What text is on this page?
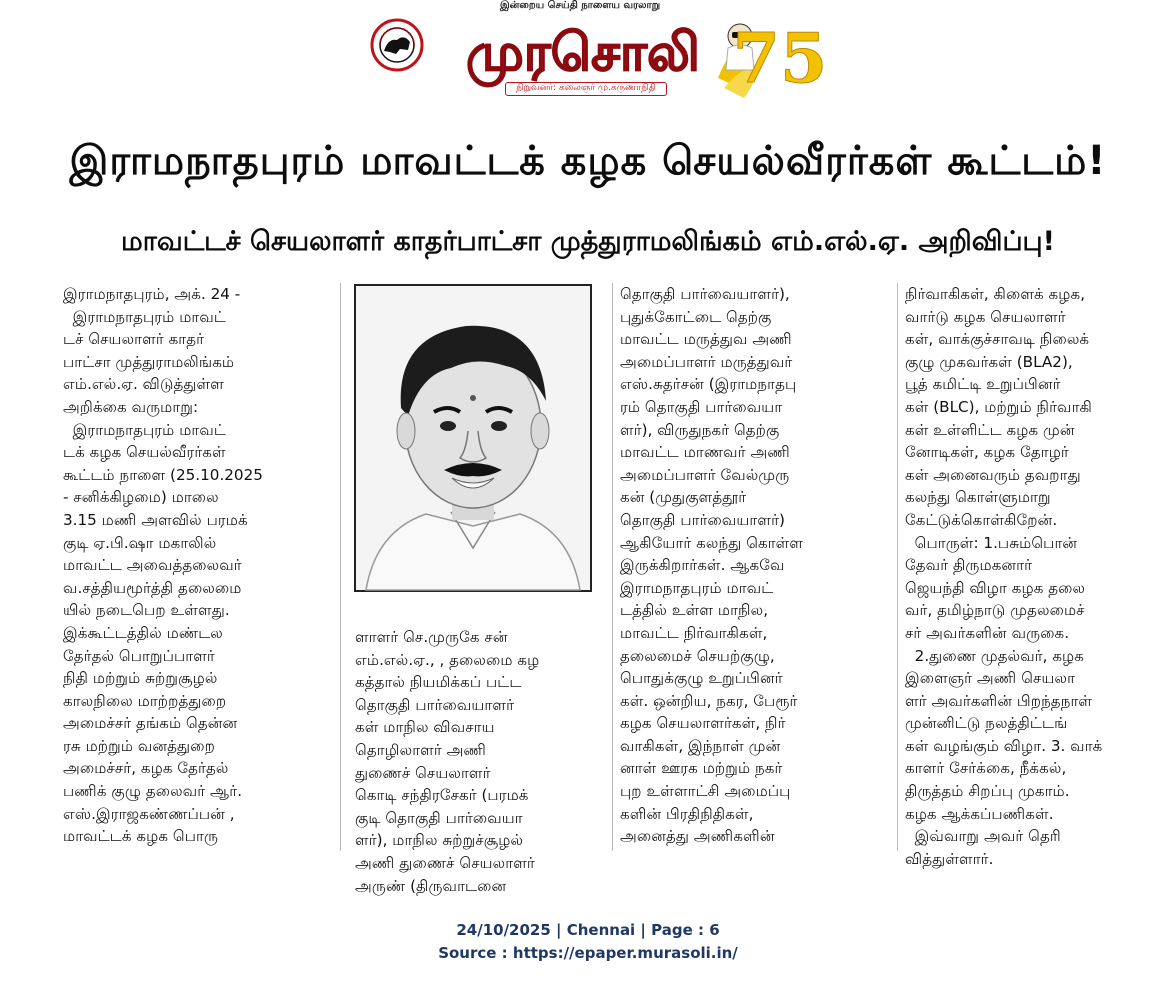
இன்றைய செய்தி நாளைய வரலாறு
முரசொலி
நிறுவனர்: கலைஞர் மு.கருணாநிதி 75
இராமநாதபுரம் மாவட்டக் கழக செயல்வீரர்கள் கூட்டம்!
மாவட்டச் செயலாளர் காதர்பாட்சா முத்துராமலிங்கம் எம்.எல்.ஏ. அறிவிப்பு!

இராமநாதபுரம், அக். 24 -

இராமநாதபுரம் மாவட்

டச் செயலாளர் காதர்

பாட்சா முத்துராமலிங்கம்

எம்.எல்.ஏ. விடுத்துள்ள

அறிக்கை வருமாறு:

இராமநாதபுரம் மாவட்

டக் கழக செயல்வீரர்கள்

கூட்டம் நாளை (25.10.2025

- சனிக்கிழமை) மாலை

3.15 மணி அளவில் பரமக்

குடி ஏ.பி.ஷா மகாலில்

மாவட்ட அவைத்தலைவர்

வ.சத்தியமூர்த்தி தலைமை

யில் நடைபெற உள்ளது.

இக்கூட்டத்தில் மண்டல

தேர்தல் பொறுப்பாளர்

நிதி மற்றும் சுற்றுசூழல்

காலநிலை மாற்றத்துறை

அமைச்சர் தங்கம் தென்ன

ரசு மற்றும் வனத்துறை

அமைச்சர், கழக தேர்தல்

பணிக் குழு தலைவர் ஆர்.

எஸ்.இராஜகண்ணப்பன் ,

மாவட்டக் கழக பொரு

ளாளர் செ.முருகே சன்

எம்.எல்.ஏ., , தலைமை கழ

கத்தால் நியமிக்கப் பட்ட

தொகுதி பார்வையாளர்

கள் மாநில விவசாய

தொழிலாளர் அணி

துணைச் செயலாளர்

கொடி சந்திரசேகர் (பரமக்

குடி தொகுதி பார்வையா

ளர்), மாநில சுற்றுச்சூழல்

அணி துணைச் செயலாளர்

அருண் (திருவாடனை

தொகுதி பார்வையாளர்),

புதுக்கோட்டை தெற்கு

மாவட்ட மருத்துவ அணி

அமைப்பாளர் மருத்துவர்

எஸ்.சுதர்சன் (இராமநாதபு

ரம் தொகுதி பார்வையா

ளர்), விருதுநகர் தெற்கு

மாவட்ட மாணவர் அணி

அமைப்பாளர் வேல்முரு

கன் (முதுகுளத்தூர்

தொகுதி பார்வையாளர்)

ஆகியோர் கலந்து கொள்ள

இருக்கிறார்கள். ஆகவே

இராமநாதபுரம் மாவட்

டத்தில் உள்ள மாநில,

மாவட்ட நிர்வாகிகள்,

தலைமைச் செயற்குழு,

பொதுக்குழு உறுப்பினர்

கள். ஒன்றிய, நகர, பேரூர்

கழக செயலாளர்கள், நிர்

வாகிகள், இந்நாள் முன்

னாள் ஊரக மற்றும் நகர்

புற உள்ளாட்சி அமைப்பு

களின் பிரதிநிதிகள்,

அனைத்து அணிகளின்

நிர்வாகிகள், கிளைக் கழக,

வார்டு கழக செயலாளர்

கள், வாக்குச்சாவடி நிலைக்

குழு முகவர்கள் (BLA2),

பூத் கமிட்டி உறுப்பினர்

கள் (BLC), மற்றும் நிர்வாகி

கள் உள்ளிட்ட கழக முன்

னோடிகள், கழக தோழர்

கள் அனைவரும் தவறாது

கலந்து கொள்ளுமாறு

கேட்டுக்கொள்கிறேன்.

பொருள்: 1.பசும்பொன்

தேவர் திருமகனார்

ஜெயந்தி விழா கழக தலை

வர், தமிழ்நாடு முதலமைச்

சர் அவர்களின் வருகை.

2.துணை முதல்வர், கழக

இளைஞர் அணி செயலா

ளர் அவர்களின் பிறந்தநாள்

முன்னிட்டு நலத்திட்டங்

கள் வழங்கும் விழா. 3. வாக்

காளர் சேர்க்கை, நீக்கல்,

திருத்தம் சிறப்பு முகாம்.

கழக ஆக்கப்பணிகள்.

இவ்வாறு அவர் தெரி

வித்துள்ளார்.

24/10/2025 | Chennai | Page : 6
Source : https://epaper.murasoli.in/
